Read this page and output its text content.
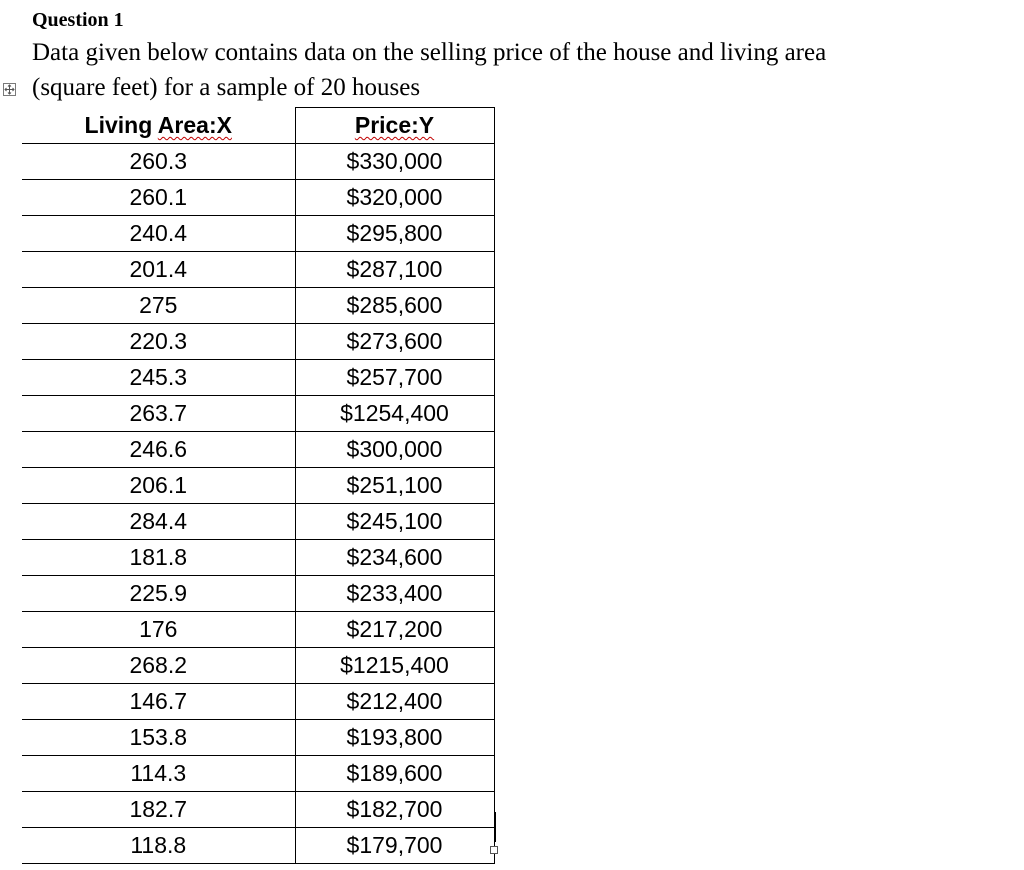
Question 1
Data given below contains data on the selling price of the house and living area
(square feet) for a sample of 20 houses
Living Area:X	Price:Y
260.3	$330,000
260.1	$320,000
240.4	$295,800
201.4	$287,100
275	$285,600
220.3	$273,600
245.3	$257,700
263.7	$1254,400
246.6	$300,000
206.1	$251,100
284.4	$245,100
181.8	$234,600
225.9	$233,400
176	$217,200
268.2	$1215,400
146.7	$212,400
153.8	$193,800
114.3	$189,600
182.7	$182,700
118.8	$179,700
